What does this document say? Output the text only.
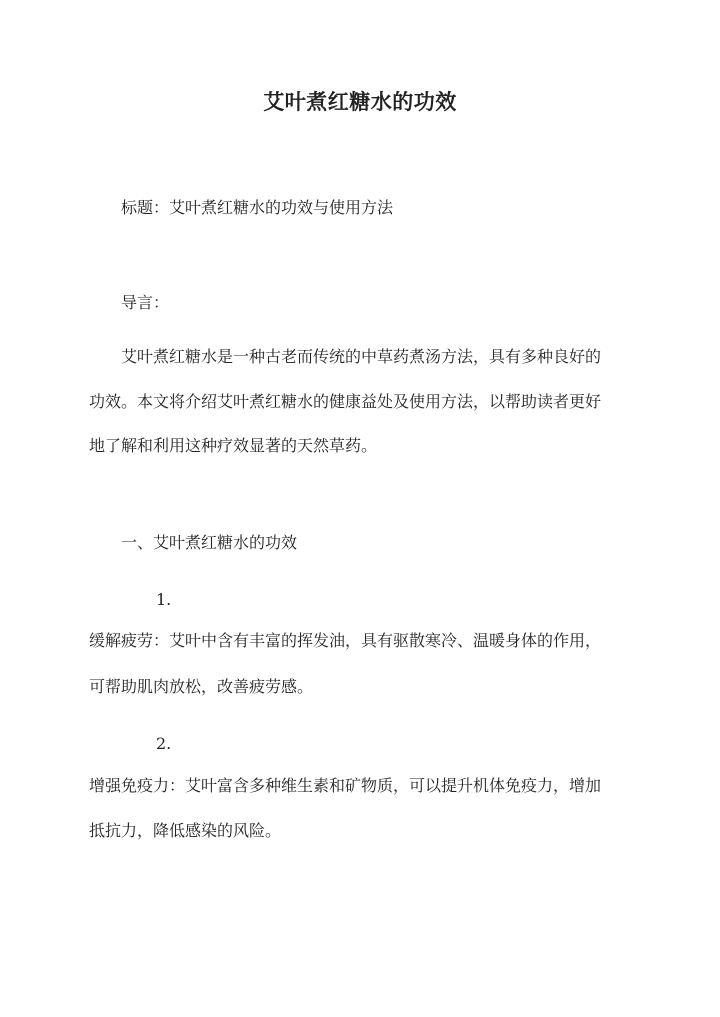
艾叶煮红糖水的功效

标题：艾叶煮红糖水的功效与使用方法

导言：

艾叶煮红糖水是一种古老而传统的中草药煮汤方法，具有多种良好的

功效。本文将介绍艾叶煮红糖水的健康益处及使用方法，以帮助读者更好

地了解和利用这种疗效显著的天然草药。

一、艾叶煮红糖水的功效

1.

缓解疲劳：艾叶中含有丰富的挥发油，具有驱散寒冷、温暖身体的作用，

可帮助肌肉放松，改善疲劳感。

2.

增强免疫力：艾叶富含多种维生素和矿物质，可以提升机体免疫力，增加

抵抗力，降低感染的风险。
